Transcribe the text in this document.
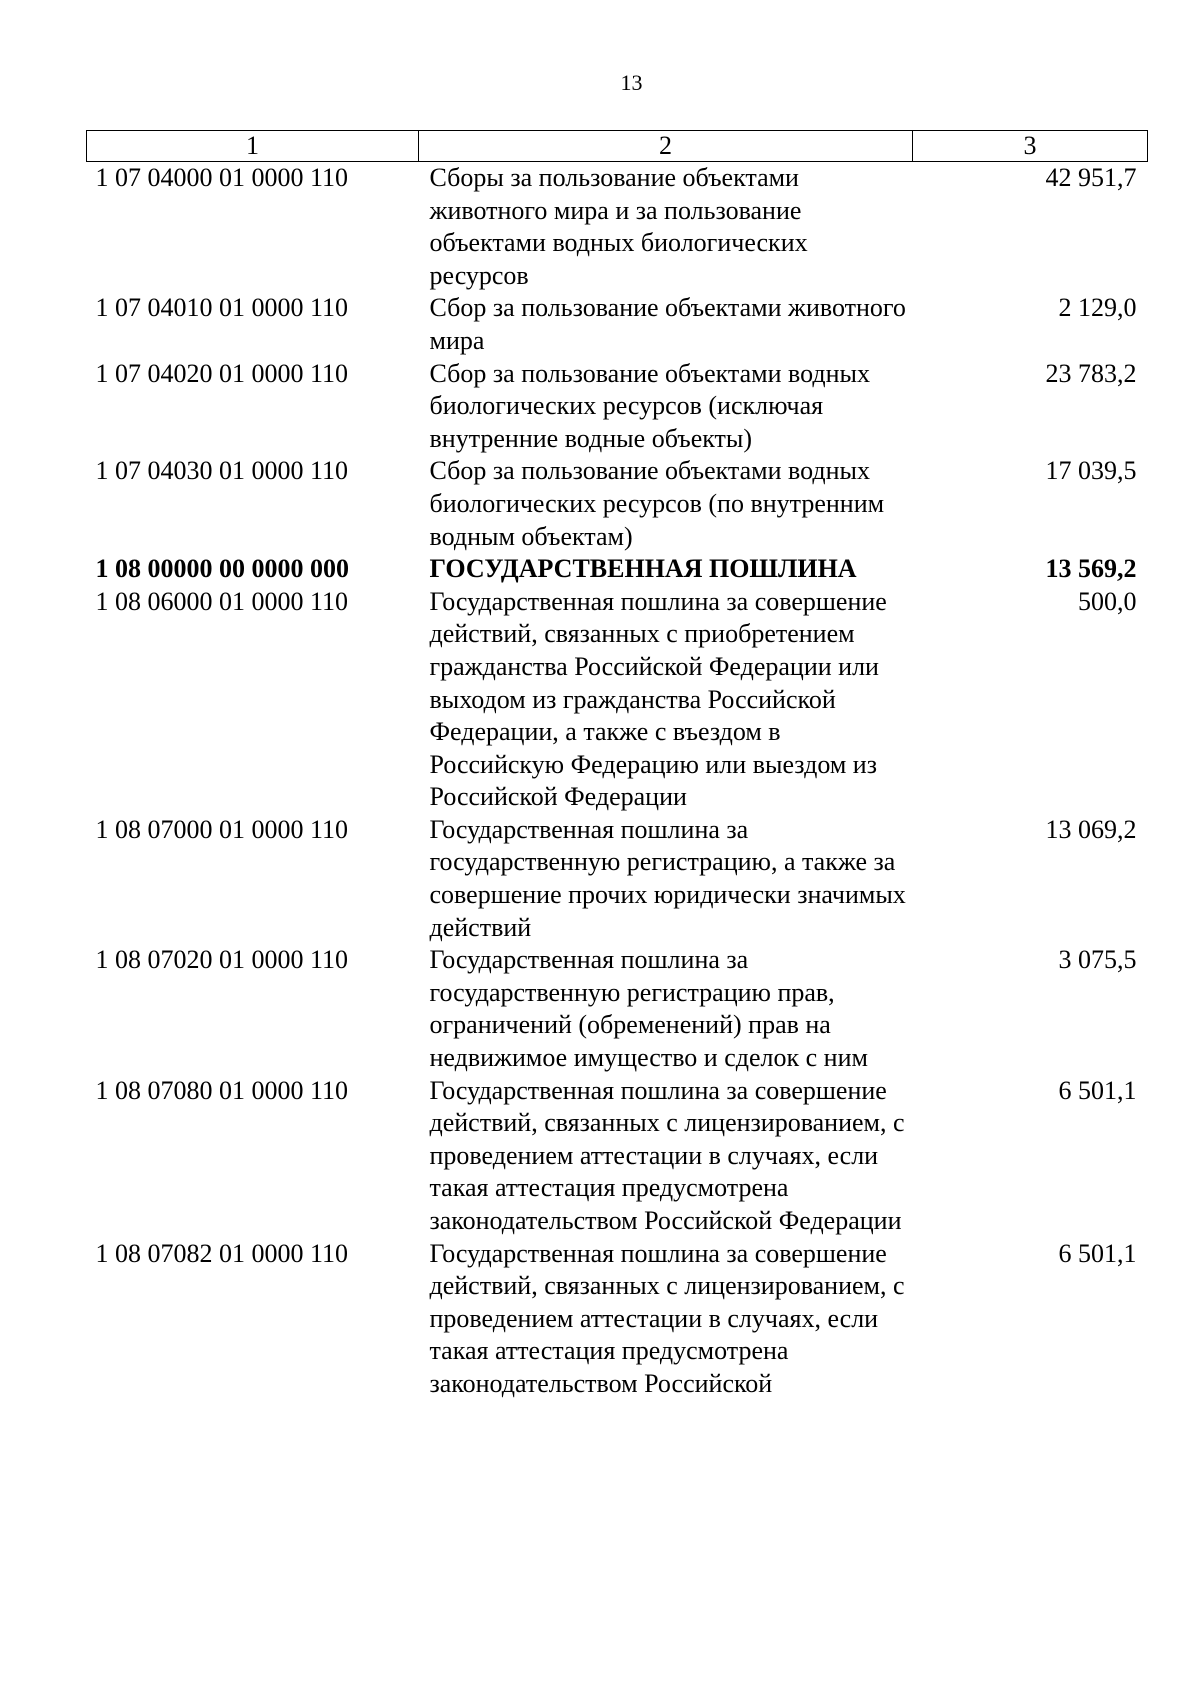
13
1	2	3
1 07 04000 01 0000 110	Сборы за пользование объектами животного мира и за пользование объектами водных биологических ресурсов	42 951,7
1 07 04010 01 0000 110	Сбор за пользование объектами животного мира	2 129,0
1 07 04020 01 0000 110	Сбор за пользование объектами водных биологических ресурсов (исключая внутренние водные объекты)	23 783,2
1 07 04030 01 0000 110	Сбор за пользование объектами водных биологических ресурсов (по внутренним водным объектам)	17 039,5
1 08 00000 00 0000 000	ГОСУДАРСТВЕННАЯ ПОШЛИНА	13 569,2
1 08 06000 01 0000 110	Государственная пошлина за совершение действий, связанных с приобретением гражданства Российской Федерации или выходом из гражданства Российской Федерации, а также с въездом в Российскую Федерацию или выездом из Российской Федерации	500,0
1 08 07000 01 0000 110	Государственная пошлина за государственную регистрацию, а также за совершение прочих юридически значимых действий	13 069,2
1 08 07020 01 0000 110	Государственная пошлина за государственную регистрацию прав, ограничений (обременений) прав на недвижимое имущество и сделок с ним	3 075,5
1 08 07080 01 0000 110	Государственная пошлина за совершение действий, связанных с лицензированием, с проведением аттестации в случаях, если такая аттестация предусмотрена законодательством Российской Федерации	6 501,1
1 08 07082 01 0000 110	Государственная пошлина за совершение действий, связанных с лицензированием, с проведением аттестации в случаях, если такая аттестация предусмотрена законодательством Российской	6 501,1
